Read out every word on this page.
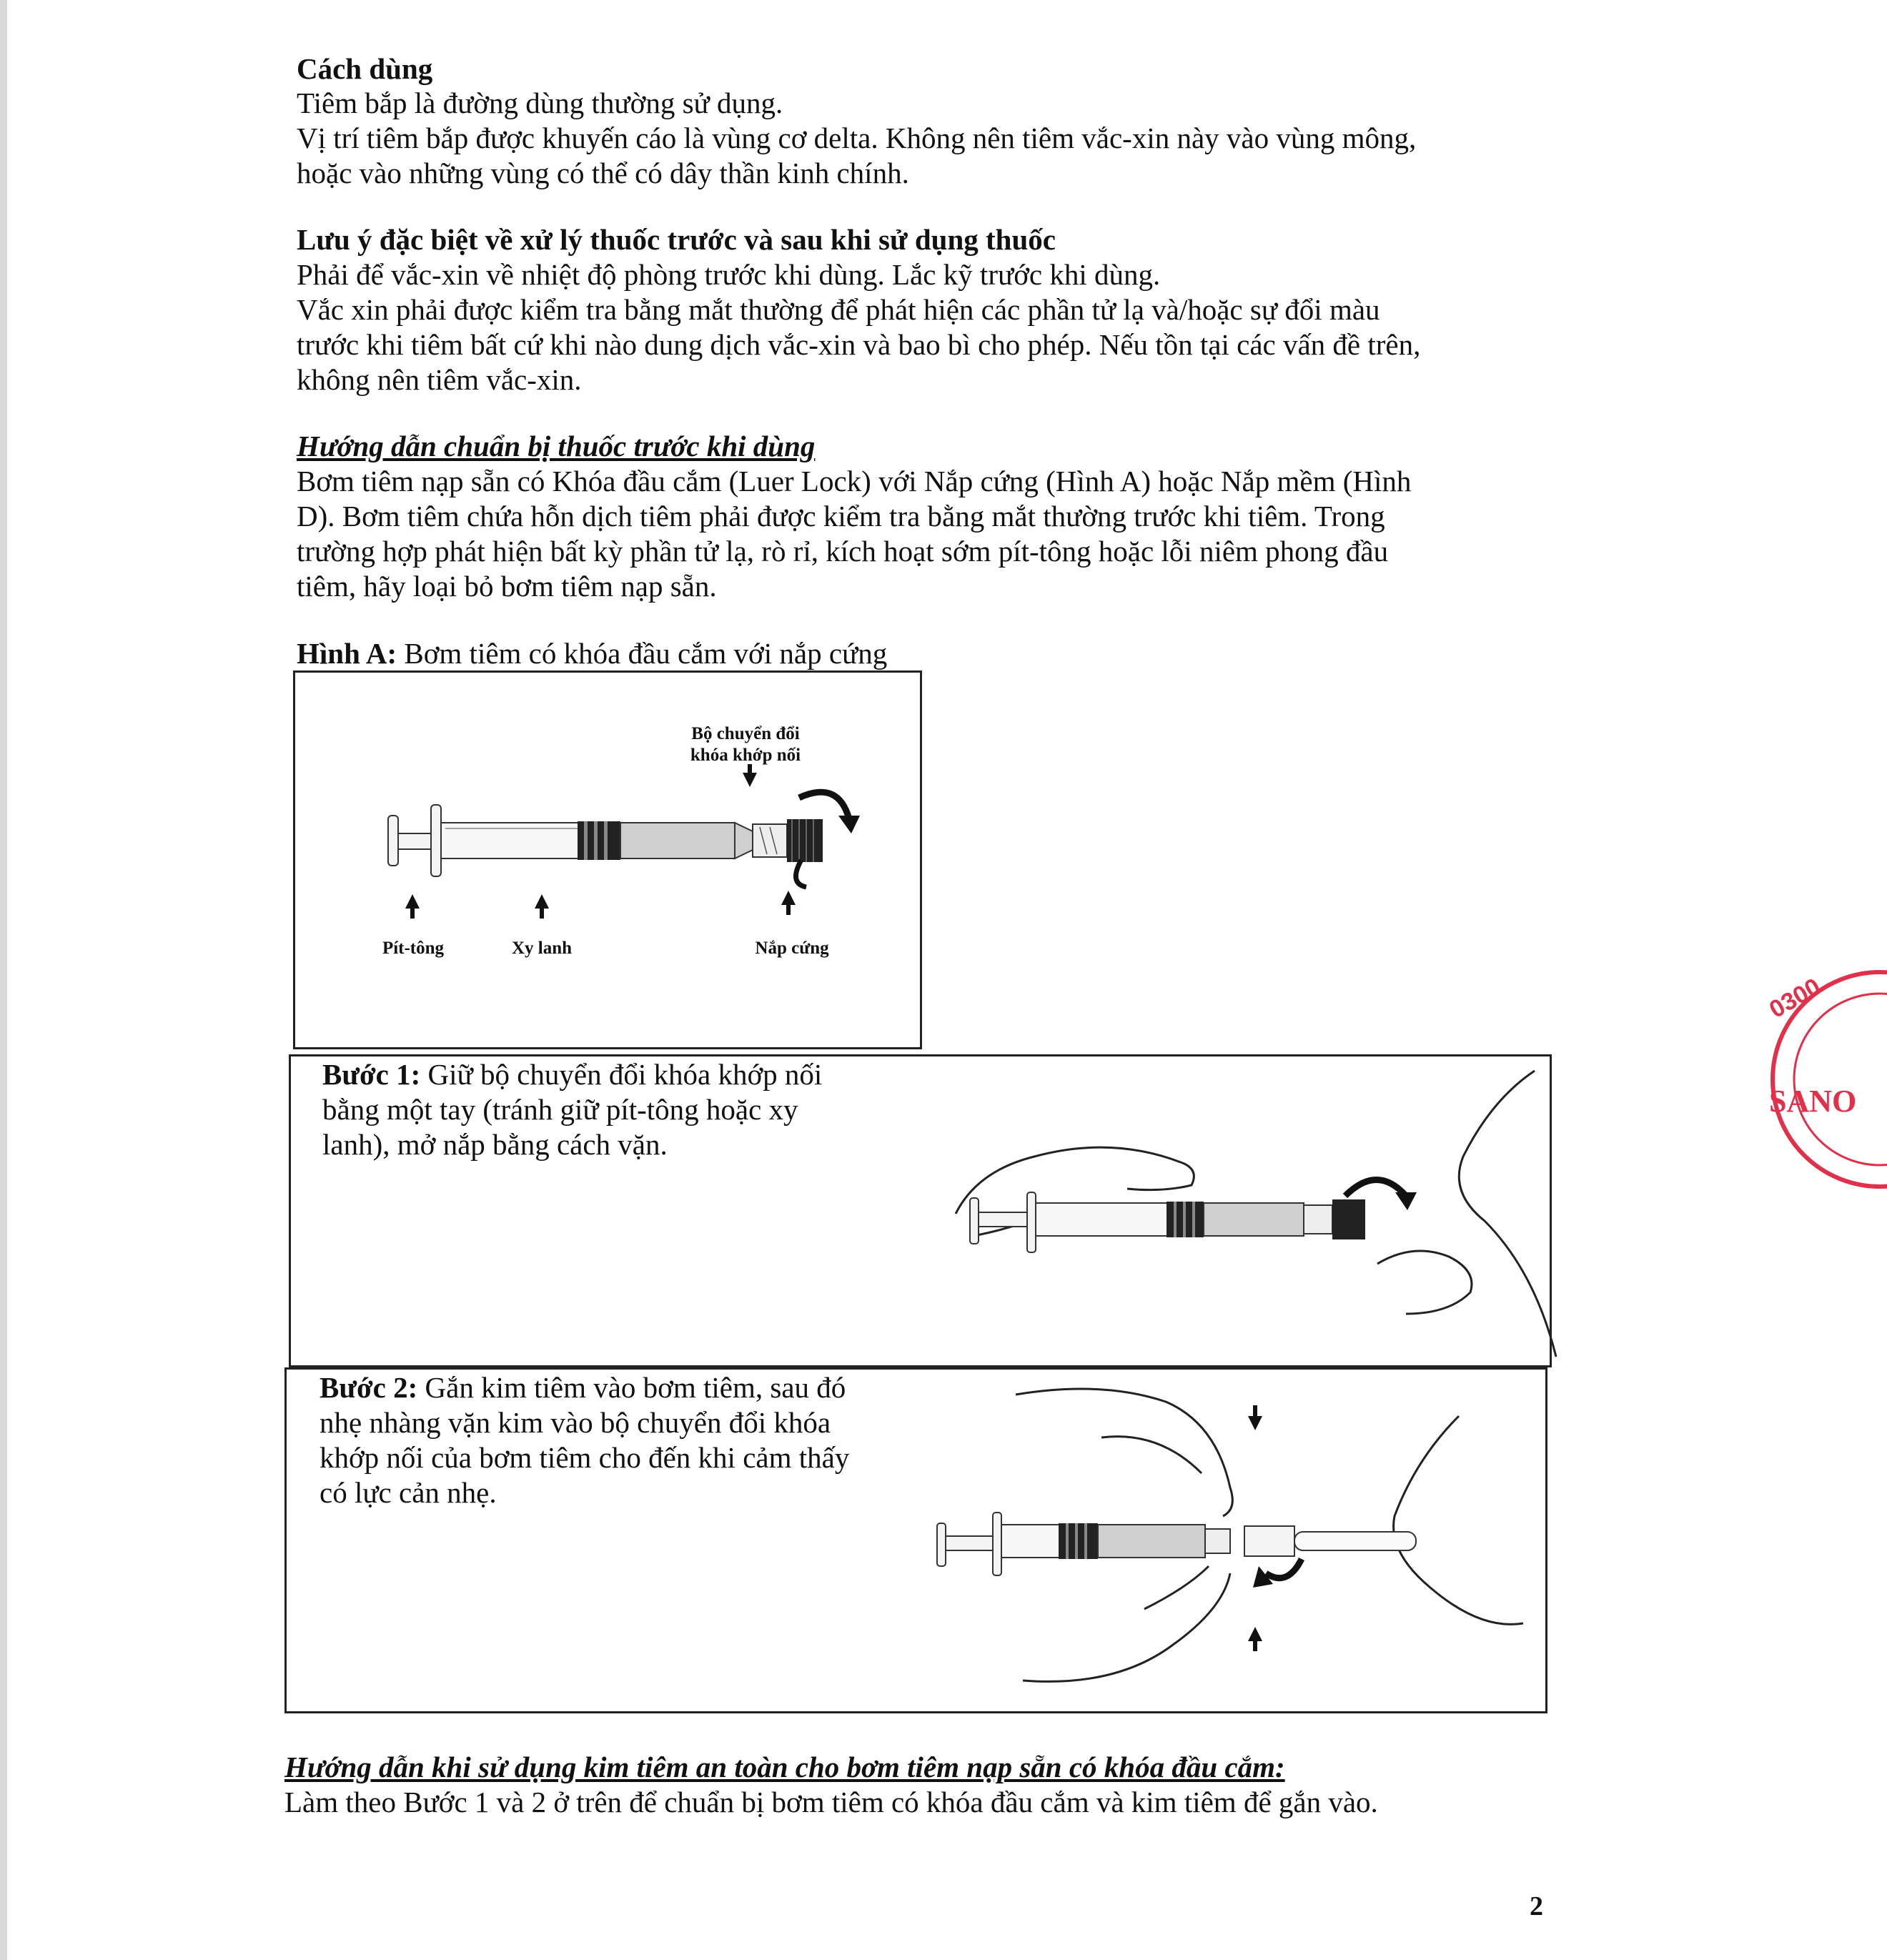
Cách dùng
Tiêm bắp là đường dùng thường sử dụng.
Vị trí tiêm bắp được khuyến cáo là vùng cơ delta. Không nên tiêm vắc-xin này vào vùng mông,
hoặc vào những vùng có thể có dây thần kinh chính.
Lưu ý đặc biệt về xử lý thuốc trước và sau khi sử dụng thuốc
Phải để vắc-xin về nhiệt độ phòng trước khi dùng. Lắc kỹ trước khi dùng.
Vắc xin phải được kiểm tra bằng mắt thường để phát hiện các phần tử lạ và/hoặc sự đổi màu
trước khi tiêm bất cứ khi nào dung dịch vắc-xin và bao bì cho phép. Nếu tồn tại các vấn đề trên,
không nên tiêm vắc-xin.
Hướng dẫn chuẩn bị thuốc trước khi dùng
Bơm tiêm nạp sẵn có Khóa đầu cắm (Luer Lock) với Nắp cứng (Hình A) hoặc Nắp mềm (Hình
D). Bơm tiêm chứa hỗn dịch tiêm phải được kiểm tra bằng mắt thường trước khi tiêm. Trong
trường hợp phát hiện bất kỳ phần tử lạ, rò rỉ, kích hoạt sớm pít-tông hoặc lỗi niêm phong đầu
tiêm, hãy loại bỏ bơm tiêm nạp sẵn.
Hình A: Bơm tiêm có khóa đầu cắm với nắp cứng
Bộ chuyển đổi
khóa khớp nối
Pít-tông	Xy lanh	Nắp cứng
Bước 1: Giữ bộ chuyển đổi khóa khớp nối
bằng một tay (tránh giữ pít-tông hoặc xy
lanh), mở nắp bằng cách vặn.
Bước 2: Gắn kim tiêm vào bơm tiêm, sau đó
nhẹ nhàng vặn kim vào bộ chuyển đổi khóa
khớp nối của bơm tiêm cho đến khi cảm thấy
có lực cản nhẹ.
Hướng dẫn khi sử dụng kim tiêm an toàn cho bơm tiêm nạp sẵn có khóa đầu cắm:
Làm theo Bước 1 và 2 ở trên để chuẩn bị bơm tiêm có khóa đầu cắm và kim tiêm để gắn vào.
0300
SANO
2
